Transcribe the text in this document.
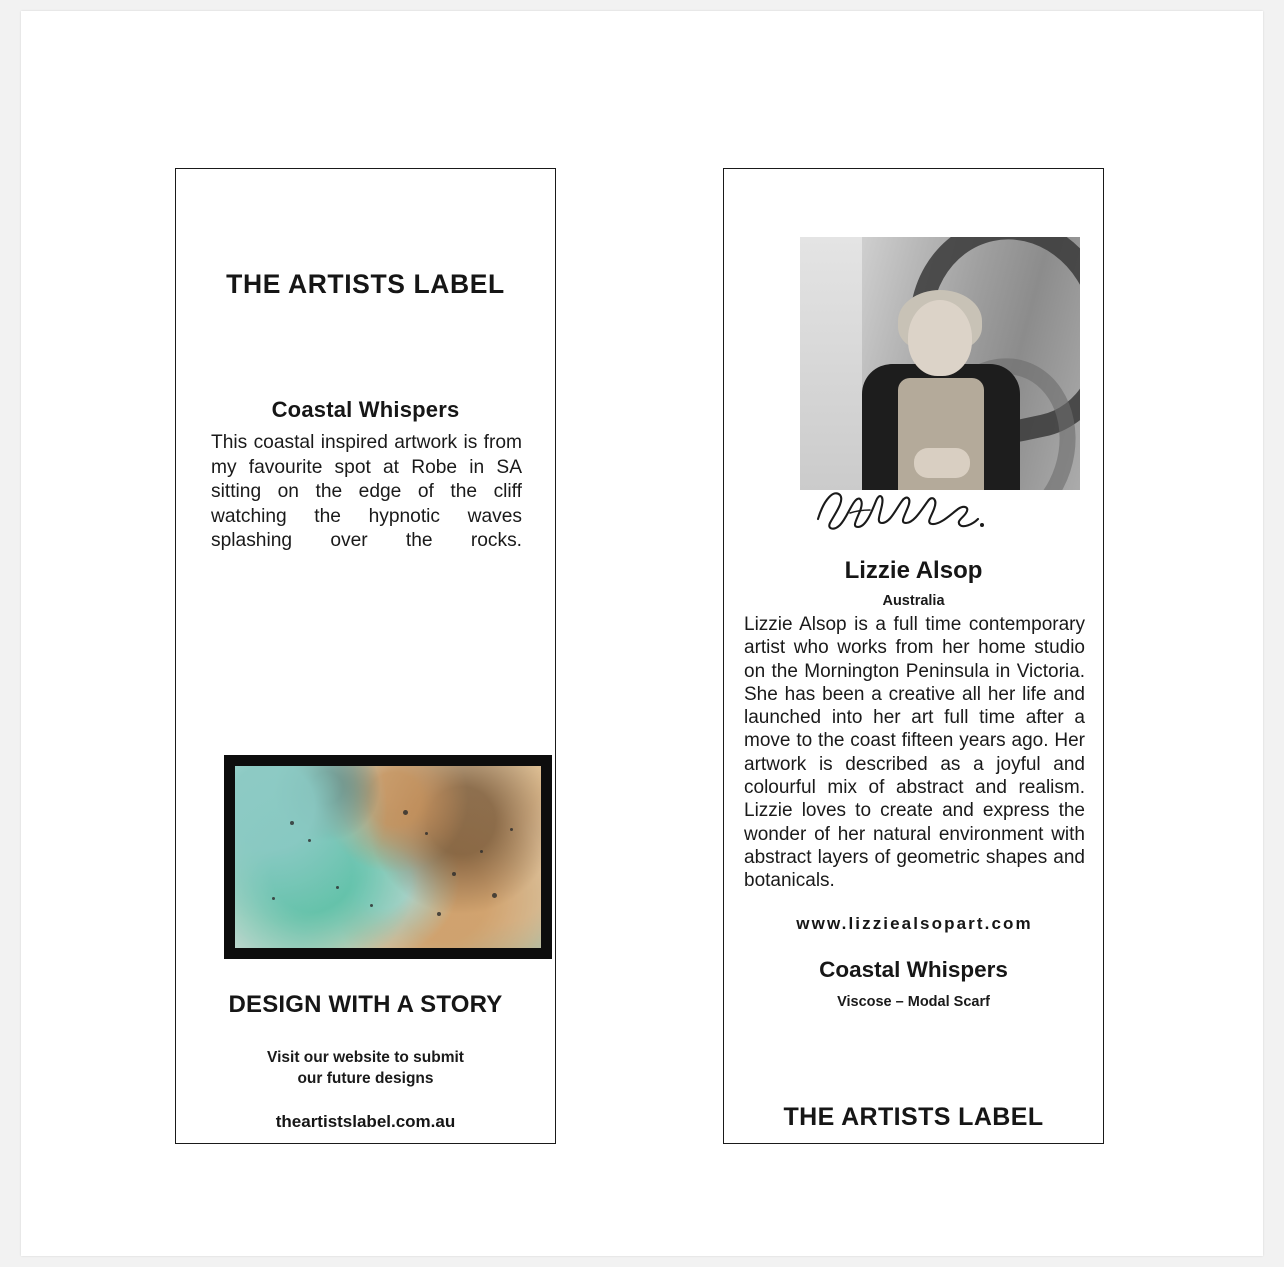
THE ARTISTS LABEL
Coastal Whispers
This coastal inspired artwork is from my favourite spot at Robe in SA sitting on the edge of the cliff watching the hypnotic waves splashing over the rocks.
DESIGN WITH A STORY
Visit our website to submit
our future designs
theartistslabel.com.au
Lizzie Alsop
Australia
Lizzie Alsop is a full time contemporary artist who works from her home studio on the Mornington Peninsula in Victoria. She has been a creative all her life and launched into her art full time after a move to the coast fifteen years ago. Her artwork is described as a joyful and colourful mix of abstract and realism. Lizzie loves to create and express the wonder of her natural environment with abstract layers of geometric shapes and botanicals.
www.lizziealsopart.com
Coastal Whispers
Viscose – Modal Scarf
THE ARTISTS LABEL
